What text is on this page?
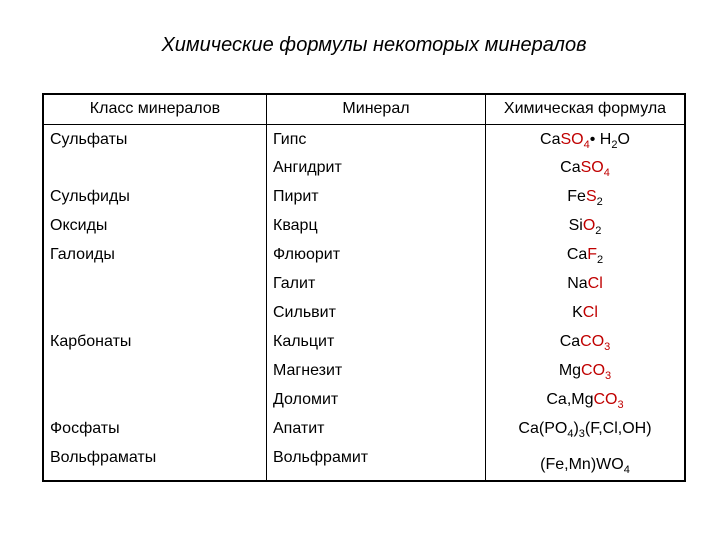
Химические формулы некоторых минералов
Класс минералов	Минерал	Химическая формула
Сульфаты	Гипс	CaSO$_4$• $H_2O$
	Ангидрит	CaSO$_4$
Сульфиды	Пирит	FeS$_2$
Оксиды	Кварц	SiO$_2$
Галоиды	Флюорит	CaF$_2$
	Галит	NaCl
	Сильвит	KCl
Карбонаты	Кальцит	CaCO$_3$
	Магнезит	MgCO$_3$
	Доломит	Ca,MgCO$_3$
Фосфаты	Апатит	$Ca(PO_4)_3(F,Cl,OH)$
Вольфраматы	Вольфрамит	$(Fe,Mn)WO_4$
